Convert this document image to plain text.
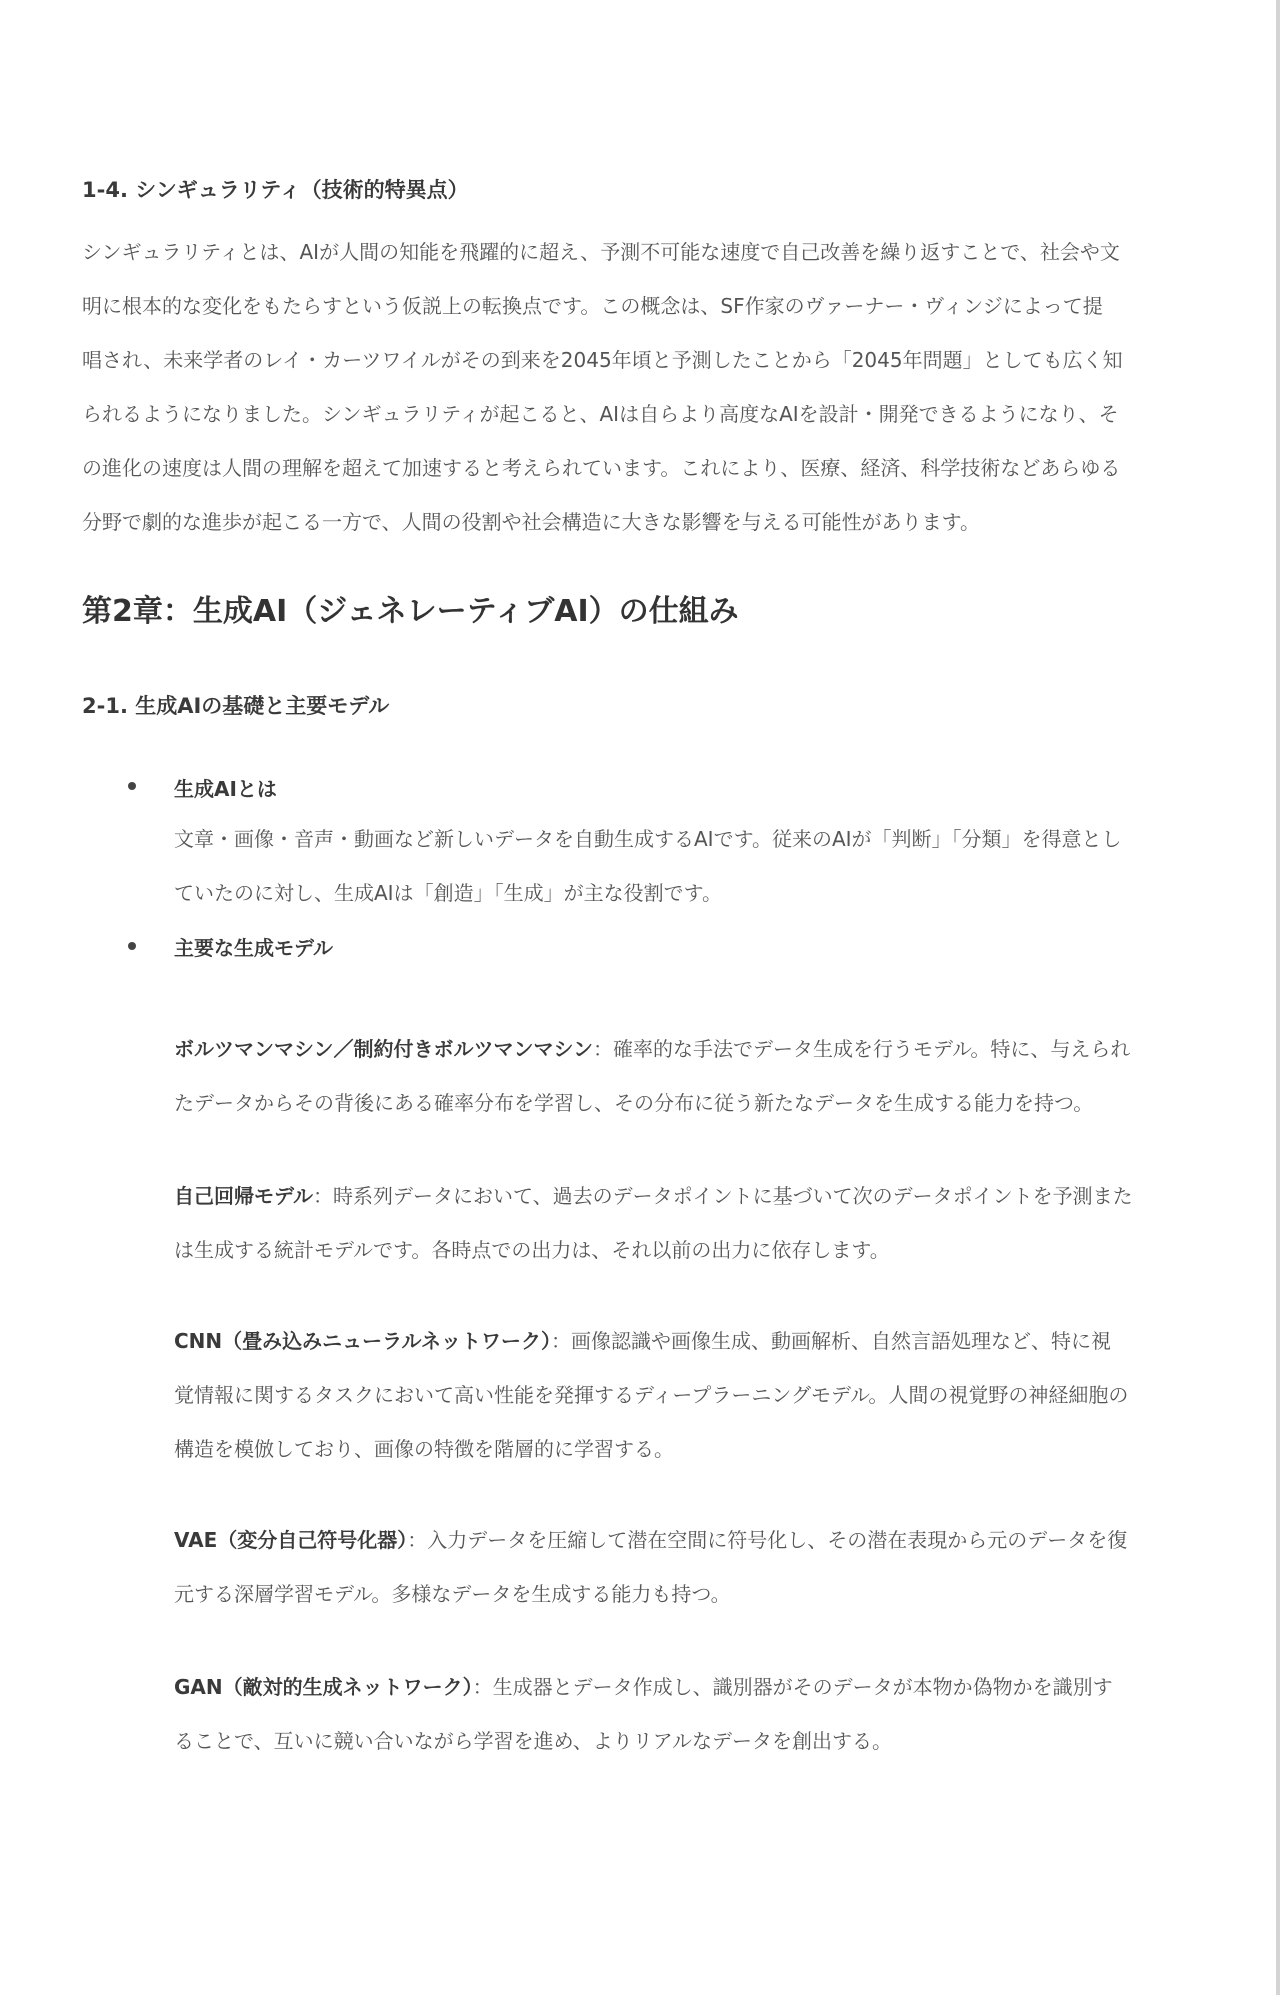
1-4. シンギュラリティ（技術的特異点）
シンギュラリティとは、AIが人間の知能を飛躍的に超え、予測不可能な速度で自己改善を繰り返すことで、社会や文
明に根本的な変化をもたらすという仮説上の転換点です。この概念は、SF作家のヴァーナー・ヴィンジによって提
唱され、未来学者のレイ・カーツワイルがその到来を2045年頃と予測したことから「2045年問題」としても広く知
られるようになりました。シンギュラリティが起こると、AIは自らより高度なAIを設計・開発できるようになり、そ
の進化の速度は人間の理解を超えて加速すると考えられています。これにより、医療、経済、科学技術などあらゆる
分野で劇的な進歩が起こる一方で、人間の役割や社会構造に大きな影響を与える可能性があります。
第2章：生成AI（ジェネレーティブAI）の仕組み
2-1. 生成AIの基礎と主要モデル
生成AIとは
文章・画像・音声・動画など新しいデータを自動生成するAIです。従来のAIが「判断」「分類」を得意とし
ていたのに対し、生成AIは「創造」「生成」が主な役割です。
主要な生成モデル
ボルツマンマシン／制約付きボルツマンマシン：確率的な手法でデータ生成を行うモデル。特に、与えられ
たデータからその背後にある確率分布を学習し、その分布に従う新たなデータを生成する能力を持つ。
自己回帰モデル：時系列データにおいて、過去のデータポイントに基づいて次のデータポイントを予測また
は生成する統計モデルです。各時点での出力は、それ以前の出力に依存します。
CNN（畳み込みニューラルネットワーク）：画像認識や画像生成、動画解析、自然言語処理など、特に視
覚情報に関するタスクにおいて高い性能を発揮するディープラーニングモデル。人間の視覚野の神経細胞の
構造を模倣しており、画像の特徴を階層的に学習する。
VAE（変分自己符号化器）：入力データを圧縮して潜在空間に符号化し、その潜在表現から元のデータを復
元する深層学習モデル。多様なデータを生成する能力も持つ。
GAN（敵対的生成ネットワーク）：生成器とデータ作成し、識別器がそのデータが本物か偽物かを識別す
ることで、互いに競い合いながら学習を進め、よりリアルなデータを創出する。
